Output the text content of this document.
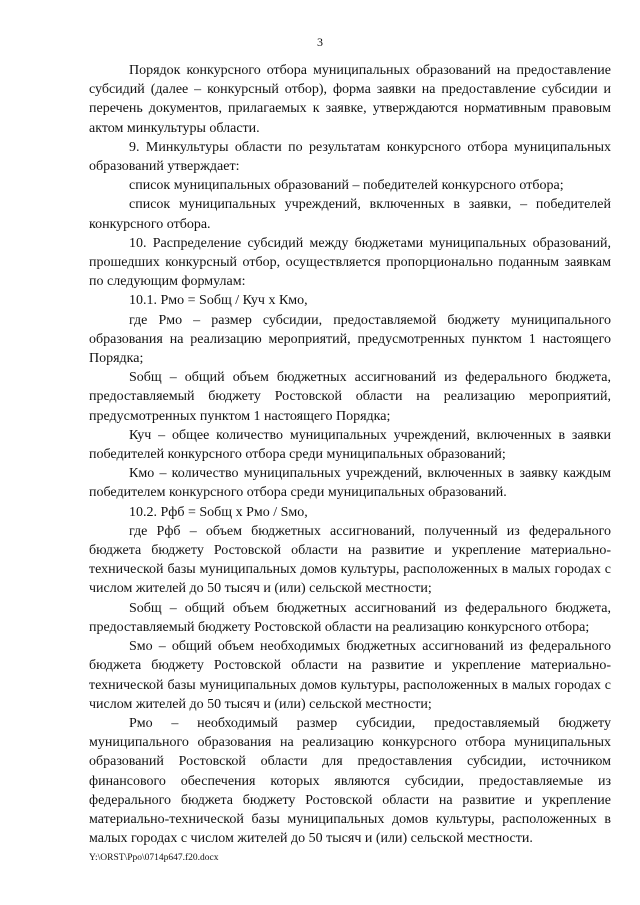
3

Порядок конкурсного отбора муниципальных образований на предоставление субсидий (далее – конкурсный отбор), форма заявки на предоставление субсидии и перечень документов, прилагаемых к заявке, утверждаются нормативным правовым актом минкультуры области.

9. Минкультуры области по результатам конкурсного отбора муниципальных образований утверждает:

список муниципальных образований – победителей конкурсного отбора;

список муниципальных учреждений, включенных в заявки, – победителей конкурсного отбора.

10. Распределение субсидий между бюджетами муниципальных образований, прошедших конкурсный отбор, осуществляется пропорционально поданным заявкам по следующим формулам:

10.1. Рмо = Sобщ / Куч х Кмо,

где Рмо – размер субсидии, предоставляемой бюджету муниципального образования на реализацию мероприятий, предусмотренных пунктом 1 настоящего Порядка;

Sобщ – общий объем бюджетных ассигнований из федерального бюджета, предоставляемый бюджету Ростовской области на реализацию мероприятий, предусмотренных пунктом 1 настоящего Порядка;

Куч – общее количество муниципальных учреждений, включенных в заявки победителей конкурсного отбора среди муниципальных образований;

Кмо – количество муниципальных учреждений, включенных в заявку каждым победителем конкурсного отбора среди муниципальных образований.

10.2. Рфб = Sобщ х Рмо / Sмо,

где Рфб – объем бюджетных ассигнований, полученный из федерального бюджета бюджету Ростовской области на развитие и укрепление материально-технической базы муниципальных домов культуры, расположенных в малых городах с числом жителей до 50 тысяч и (или) сельской местности;

Sобщ – общий объем бюджетных ассигнований из федерального бюджета, предоставляемый бюджету Ростовской области на реализацию конкурсного отбора;

Sмо – общий объем необходимых бюджетных ассигнований из федерального бюджета бюджету Ростовской области на развитие и укрепление материально-технической базы муниципальных домов культуры, расположенных в малых городах с числом жителей до 50 тысяч и (или) сельской местности;

Рмо – необходимый размер субсидии, предоставляемый бюджету муниципального образования на реализацию конкурсного отбора муниципальных образований Ростовской области для предоставления субсидии, источником финансового обеспечения которых являются субсидии, предоставляемые из федерального бюджета бюджету Ростовской области на развитие и укрепление материально-технической базы муниципальных домов культуры, расположенных в малых городах с числом жителей до 50 тысяч и (или) сельской местности.

Y:\ORST\Ppo\0714p647.f20.docx
